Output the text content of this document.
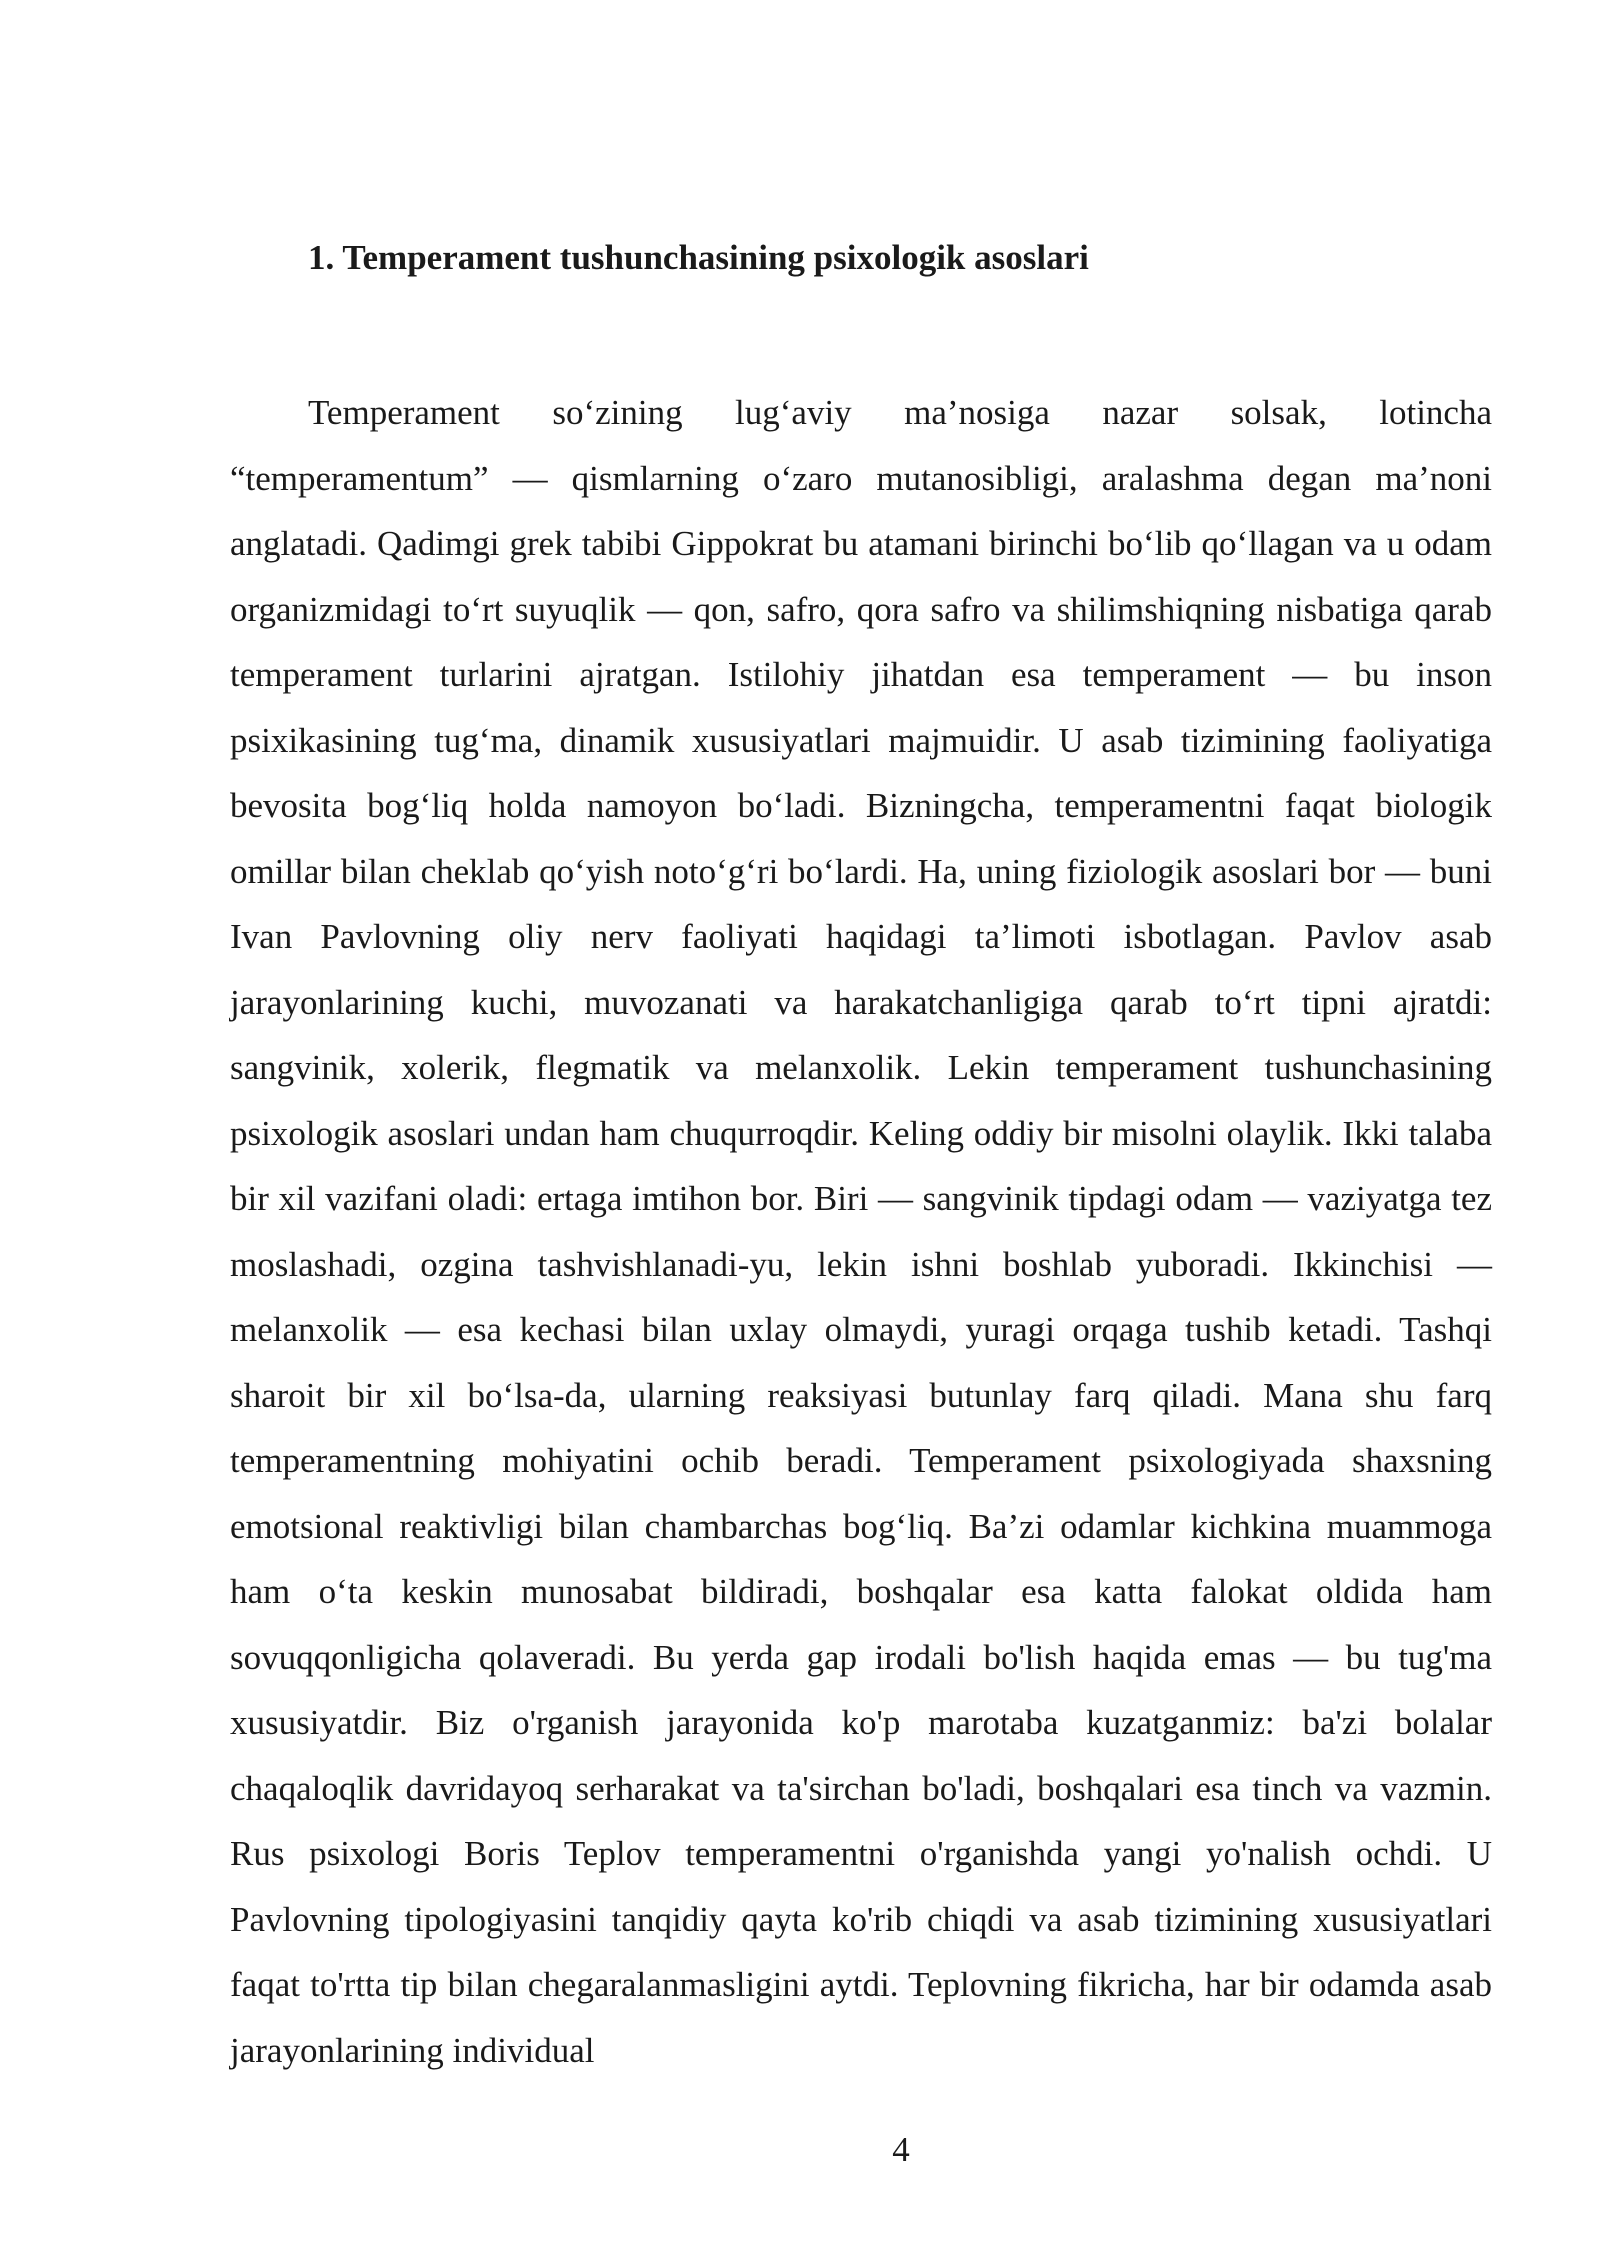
1. Temperament tushunchasining psixologik asoslari

Temperament so‘zining lug‘aviy ma’nosiga nazar solsak, lotincha “temperamentum” — qismlarning o‘zaro mutanosibligi, aralashma degan ma’noni anglatadi. Qadimgi grek tabibi Gippokrat bu atamani birinchi bo‘lib qo‘llagan va u odam organizmidagi to‘rt suyuqlik — qon, safro, qora safro va shilimshiqning nisbatiga qarab temperament turlarini ajratgan. Istilohiy jihatdan esa temperament — bu inson psixikasining tug‘ma, dinamik xususiyatlari majmuidir. U asab tizimining faoliyatiga bevosita bog‘liq holda namoyon bo‘ladi. Bizningcha, temperamentni faqat biologik omillar bilan cheklab qo‘yish noto‘g‘ri bo‘lardi. Ha, uning fiziologik asoslari bor — buni Ivan Pavlovning oliy nerv faoliyati haqidagi ta’limoti isbotlagan. Pavlov asab jarayonlarining kuchi, muvozanati va harakatchanligiga qarab to‘rt tipni ajratdi: sangvinik, xolerik, flegmatik va melanxolik. Lekin temperament tushunchasining psixologik asoslari undan ham chuqurroqdir. Keling oddiy bir misolni olaylik. Ikki talaba bir xil vazifani oladi: ertaga imtihon bor. Biri — sangvinik tipdagi odam — vaziyatga tez moslashadi, ozgina tashvishlanadi-yu, lekin ishni boshlab yuboradi. Ikkinchisi — melanxolik — esa kechasi bilan uxlay olmaydi, yuragi orqaga tushib ketadi. Tashqi sharoit bir xil bo‘lsa-da, ularning reaksiyasi butunlay farq qiladi. Mana shu farq temperamentning mohiyatini ochib beradi. Temperament psixologiyada shaxsning emotsional reaktivligi bilan chambarchas bog‘liq. Ba’zi odamlar kichkina muammoga ham o‘ta keskin munosabat bildiradi, boshqalar esa katta falokat oldida ham sovuqqonligicha qolaveradi. Bu yerda gap irodali bo'lish haqida emas — bu tug'ma xususiyatdir. Biz o'rganish jarayonida ko'p marotaba kuzatganmiz: ba'zi bolalar chaqaloqlik davridayoq serharakat va ta'sirchan bo'ladi, boshqalari esa tinch va vazmin. Rus psixologi Boris Teplov temperamentni o'rganishda yangi yo'nalish ochdi. U Pavlovning tipologiyasini tanqidiy qayta ko'rib chiqdi va asab tizimining xususiyatlari faqat to'rtta tip bilan chegaralanmasligini aytdi. Teplovning fikricha, har bir odamda asab jarayonlarining individual

4
